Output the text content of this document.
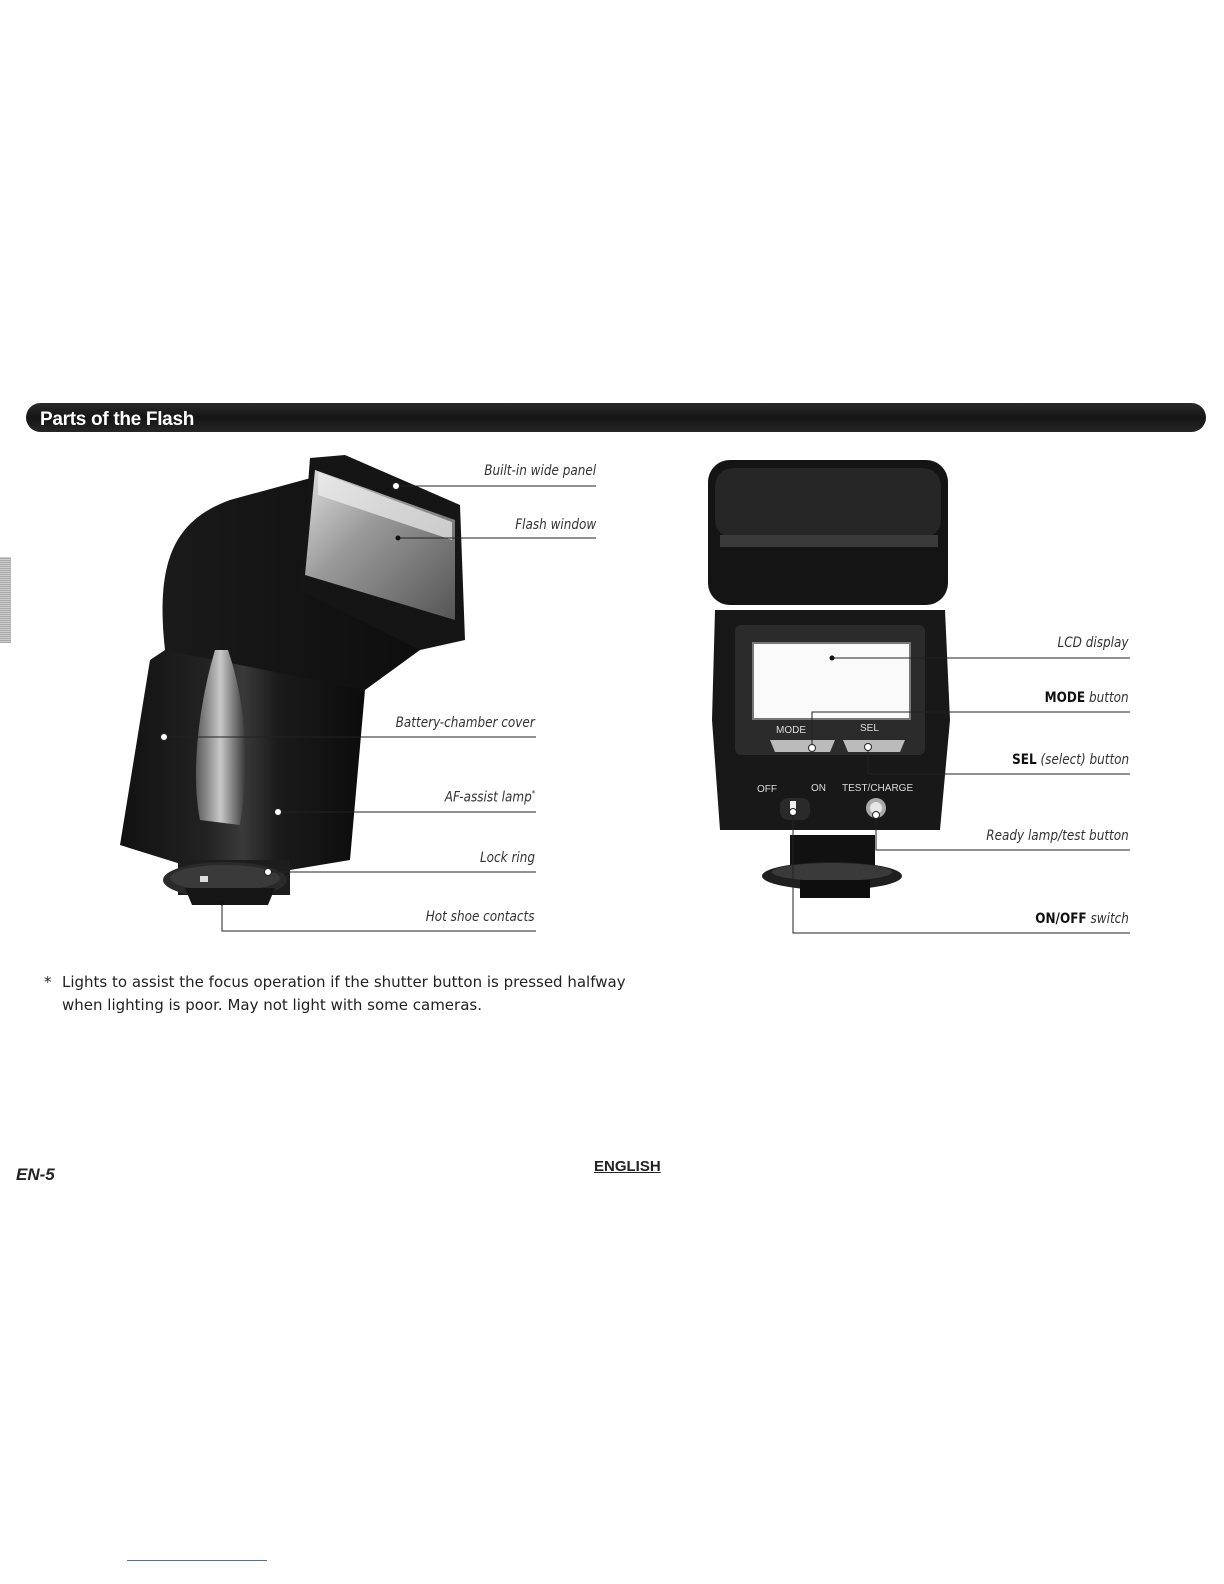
Parts of the Flash
MODE	SEL
OFF	ON TEST/CHARGE
Built-in wide panel
Flash window
Battery-chamber cover
AF-assist lamp*
Lock ring
Hot shoe contacts
LCD display
MODE button
SEL (select) button
Ready lamp/test button
ON/OFF switch
* Lights to assist the focus operation if the shutter button is pressed halfway
when lighting is poor. May not light with some cameras.
EN-5	ENGLISH
